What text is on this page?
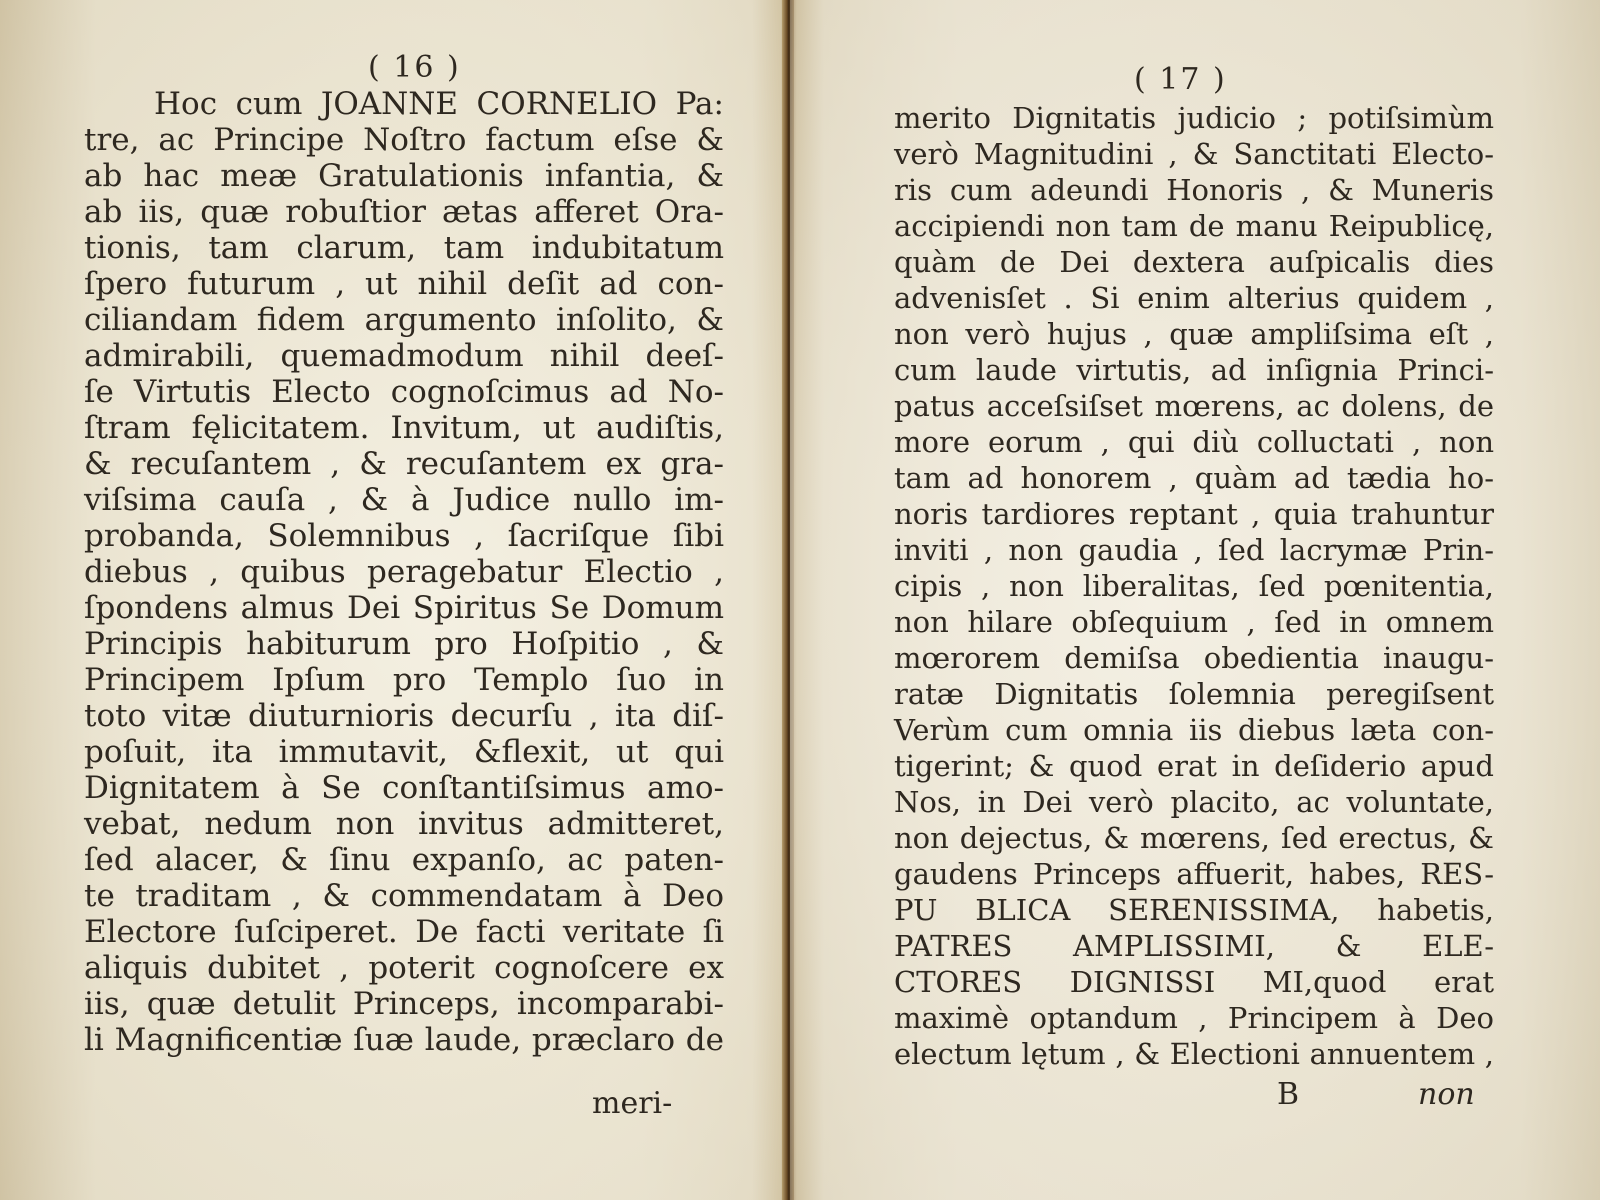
( 16 )
Hoc cum JOANNE CORNELIO Pa:
tre, ac Principe Noſtro factum eſse &
ab hac meæ Gratulationis infantia, &
ab iis, quæ robuſtior ætas afferet Ora-
tionis, tam clarum, tam indubitatum
ſpero futurum , ut nihil deſit ad con-
ciliandam fidem argumento inſolito, &
admirabili, quemadmodum nihil deeſ-
ſe Virtutis Electo cognoſcimus ad No-
ſtram fęlicitatem. Invitum, ut audiſtis,
& recuſantem , & recuſantem ex gra-
viſsima cauſa , & à Judice nullo im-
probanda, Solemnibus , ſacriſque ſibi
diebus , quibus peragebatur Electio ,
ſpondens almus Dei Spiritus Se Domum
Principis habiturum pro Hoſpitio , &
Principem Ipſum pro Templo ſuo in
toto vitæ diuturnioris decurſu , ita diſ-
poſuit, ita immutavit, &flexit, ut qui
Dignitatem à Se conſtantiſsimus amo-
vebat, nedum non invitus admitteret,
ſed alacer, & ſinu expanſo, ac paten-
te traditam , & commendatam à Deo
Electore ſuſciperet. De facti veritate ſi
aliquis dubitet , poterit cognoſcere ex
iis, quæ detulit Princeps, incomparabi-
li Magnificentiæ ſuæ laude, præclaro de
meri-
( 17 )
merito Dignitatis judicio ; potiſsimùm
verò Magnitudini , & Sanctitati Electo-
ris cum adeundi Honoris , & Muneris
accipiendi non tam de manu Reipublicę,
quàm de Dei dextera auſpicalis dies
advenisſet . Si enim alterius quidem ,
non verò hujus , quæ ampliſsima eſt ,
cum laude virtutis, ad inſignia Princi-
patus acceſsiſset mœrens, ac dolens, de
more eorum , qui diù colluctati , non
tam ad honorem , quàm ad tædia ho-
noris tardiores reptant , quia trahuntur
inviti , non gaudia , ſed lacrymæ Prin-
cipis , non liberalitas, ſed pœnitentia,
non hilare obſequium , ſed in omnem
mœrorem demiſsa obedientia inaugu-
ratæ Dignitatis ſolemnia peregiſsent
Verùm cum omnia iis diebus læta con-
tigerint; & quod erat in deſiderio apud
Nos, in Dei verò placito, ac voluntate,
non dejectus, & mœrens, ſed erectus, &
gaudens Princeps affuerit, habes, RES-
PU BLICA SERENISSIMA, habetis,
PATRES AMPLISSIMI, & ELE-
CTORES DIGNISSI MI,quod erat
maximè optandum , Principem à Deo
electum lętum , & Electioni annuentem ,
B	non
